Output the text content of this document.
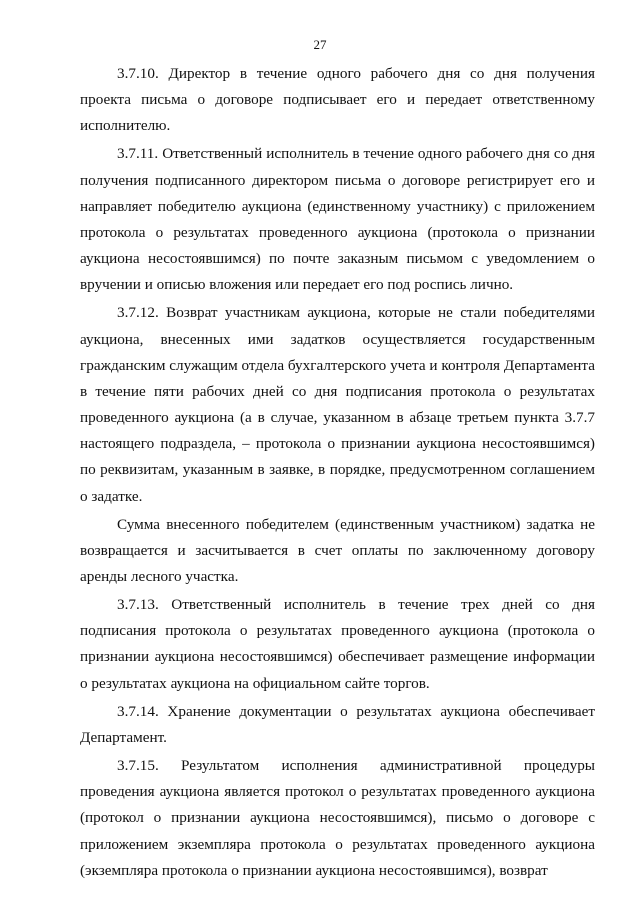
27

3.7.10. Директор в течение одного рабочего дня со дня получения проекта письма о договоре подписывает его и передает ответственному исполнителю.

3.7.11. Ответственный исполнитель в течение одного рабочего дня со дня получения подписанного директором письма о договоре регистрирует его и направляет победителю аукциона (единственному участнику) с приложением протокола о результатах проведенного аукциона (протокола о признании аукциона несостоявшимся) по почте заказным письмом с уведомлением о вручении и описью вложения или передает его под роспись лично.

3.7.12. Возврат участникам аукциона, которые не стали победителями аукциона, внесенных ими задатков осуществляется государственным гражданским служащим отдела бухгалтерского учета и контроля Департамента в течение пяти рабочих дней со дня подписания протокола о результатах проведенного аукциона (а в случае, указанном в абзаце третьем пункта 3.7.7 настоящего подраздела, – протокола о признании аукциона несостоявшимся) по реквизитам, указанным в заявке, в порядке, предусмотренном соглашением о задатке.

Сумма внесенного победителем (единственным участником) задатка не возвращается и засчитывается в счет оплаты по заключенному договору аренды лесного участка.

3.7.13. Ответственный исполнитель в течение трех дней со дня подписания протокола о результатах проведенного аукциона (протокола о признании аукциона несостоявшимся) обеспечивает размещение информации о результатах аукциона на официальном сайте торгов.

3.7.14. Хранение документации о результатах аукциона обеспечивает Департамент.

3.7.15. Результатом исполнения административной процедуры проведения аукциона является протокол о результатах проведенного аукциона (протокол о признании аукциона несостоявшимся), письмо о договоре с приложением экземпляра протокола о результатах проведенного аукциона (экземпляра протокола о признании аукциона несостоявшимся), возврат
